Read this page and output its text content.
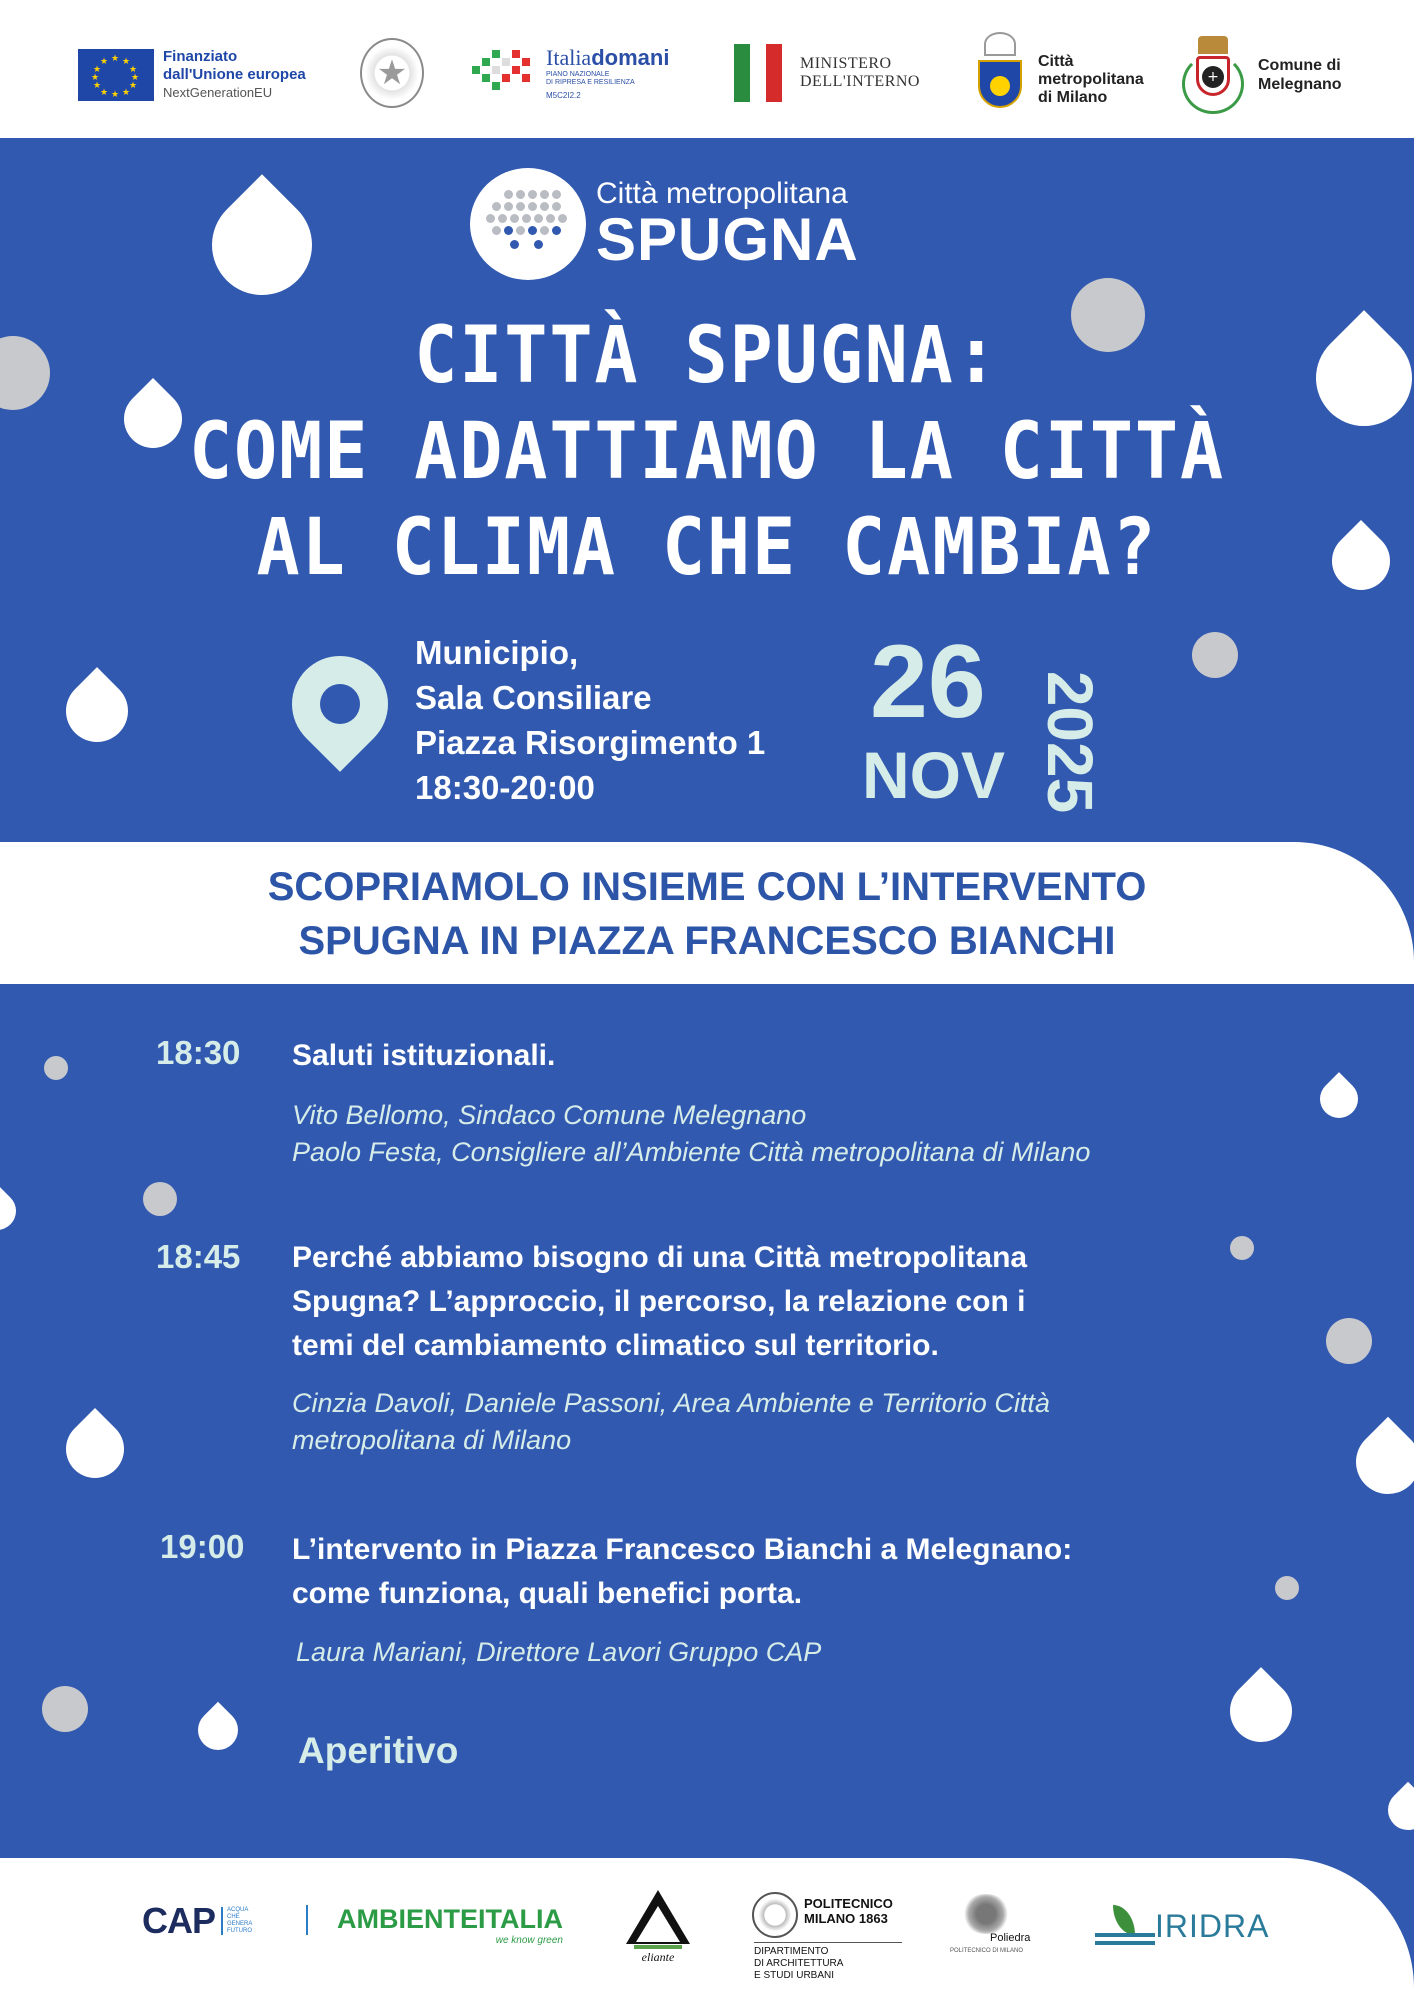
★ ★
★
★
★
★
★
★
★
★
★
★	Finanziato
dall'Unione europea
NextGenerationEU
★
Italiadomani
PIANO NAZIONALE
DI RIPRESA E RESILIENZA
M5C2I2.2
MINISTERO
DELL'INTERNO
Città
metropolitana
di Milano
+
Comune di
Melegnano
Città metropolitana
SPUGNA
CITTÀ SPUGNA:
COME ADATTIAMO LA CITTÀ
AL CLIMA CHE CAMBIA?
Municipio,
Sala Consiliare
Piazza Risorgimento 1
18:30-20:00
26
NOV 2025
SCOPRIAMOLO INSIEME CON L’INTERVENTO
SPUGNA IN PIAZZA FRANCESCO BIANCHI
18:30 Saluti istituzionali.
Vito Bellomo, Sindaco Comune Melegnano
Paolo Festa, Consigliere all’Ambiente Città metropolitana di Milano
18:45 Perché abbiamo bisogno di una Città metropolitana
Spugna? L’approccio, il percorso, la relazione con i
temi del cambiamento climatico sul territorio.
Cinzia Davoli, Daniele Passoni, Area Ambiente e Territorio Città
metropolitana di Milano
19:00 L’intervento in Piazza Francesco Bianchi a Melegnano:
come funziona, quali benefici porta.
Laura Mariani, Direttore Lavori Gruppo CAP
Aperitivo
CAP ACQUA
CHE
GENERA
FUTURO	AMBIENTEITALIA
we know green
eliante
POLITECNICO
MILANO 1863
DIPARTIMENTO
DI ARCHITETTURA
E STUDI URBANI
Poliedra
POLITECNICO DI MILANO
IRIDRA
